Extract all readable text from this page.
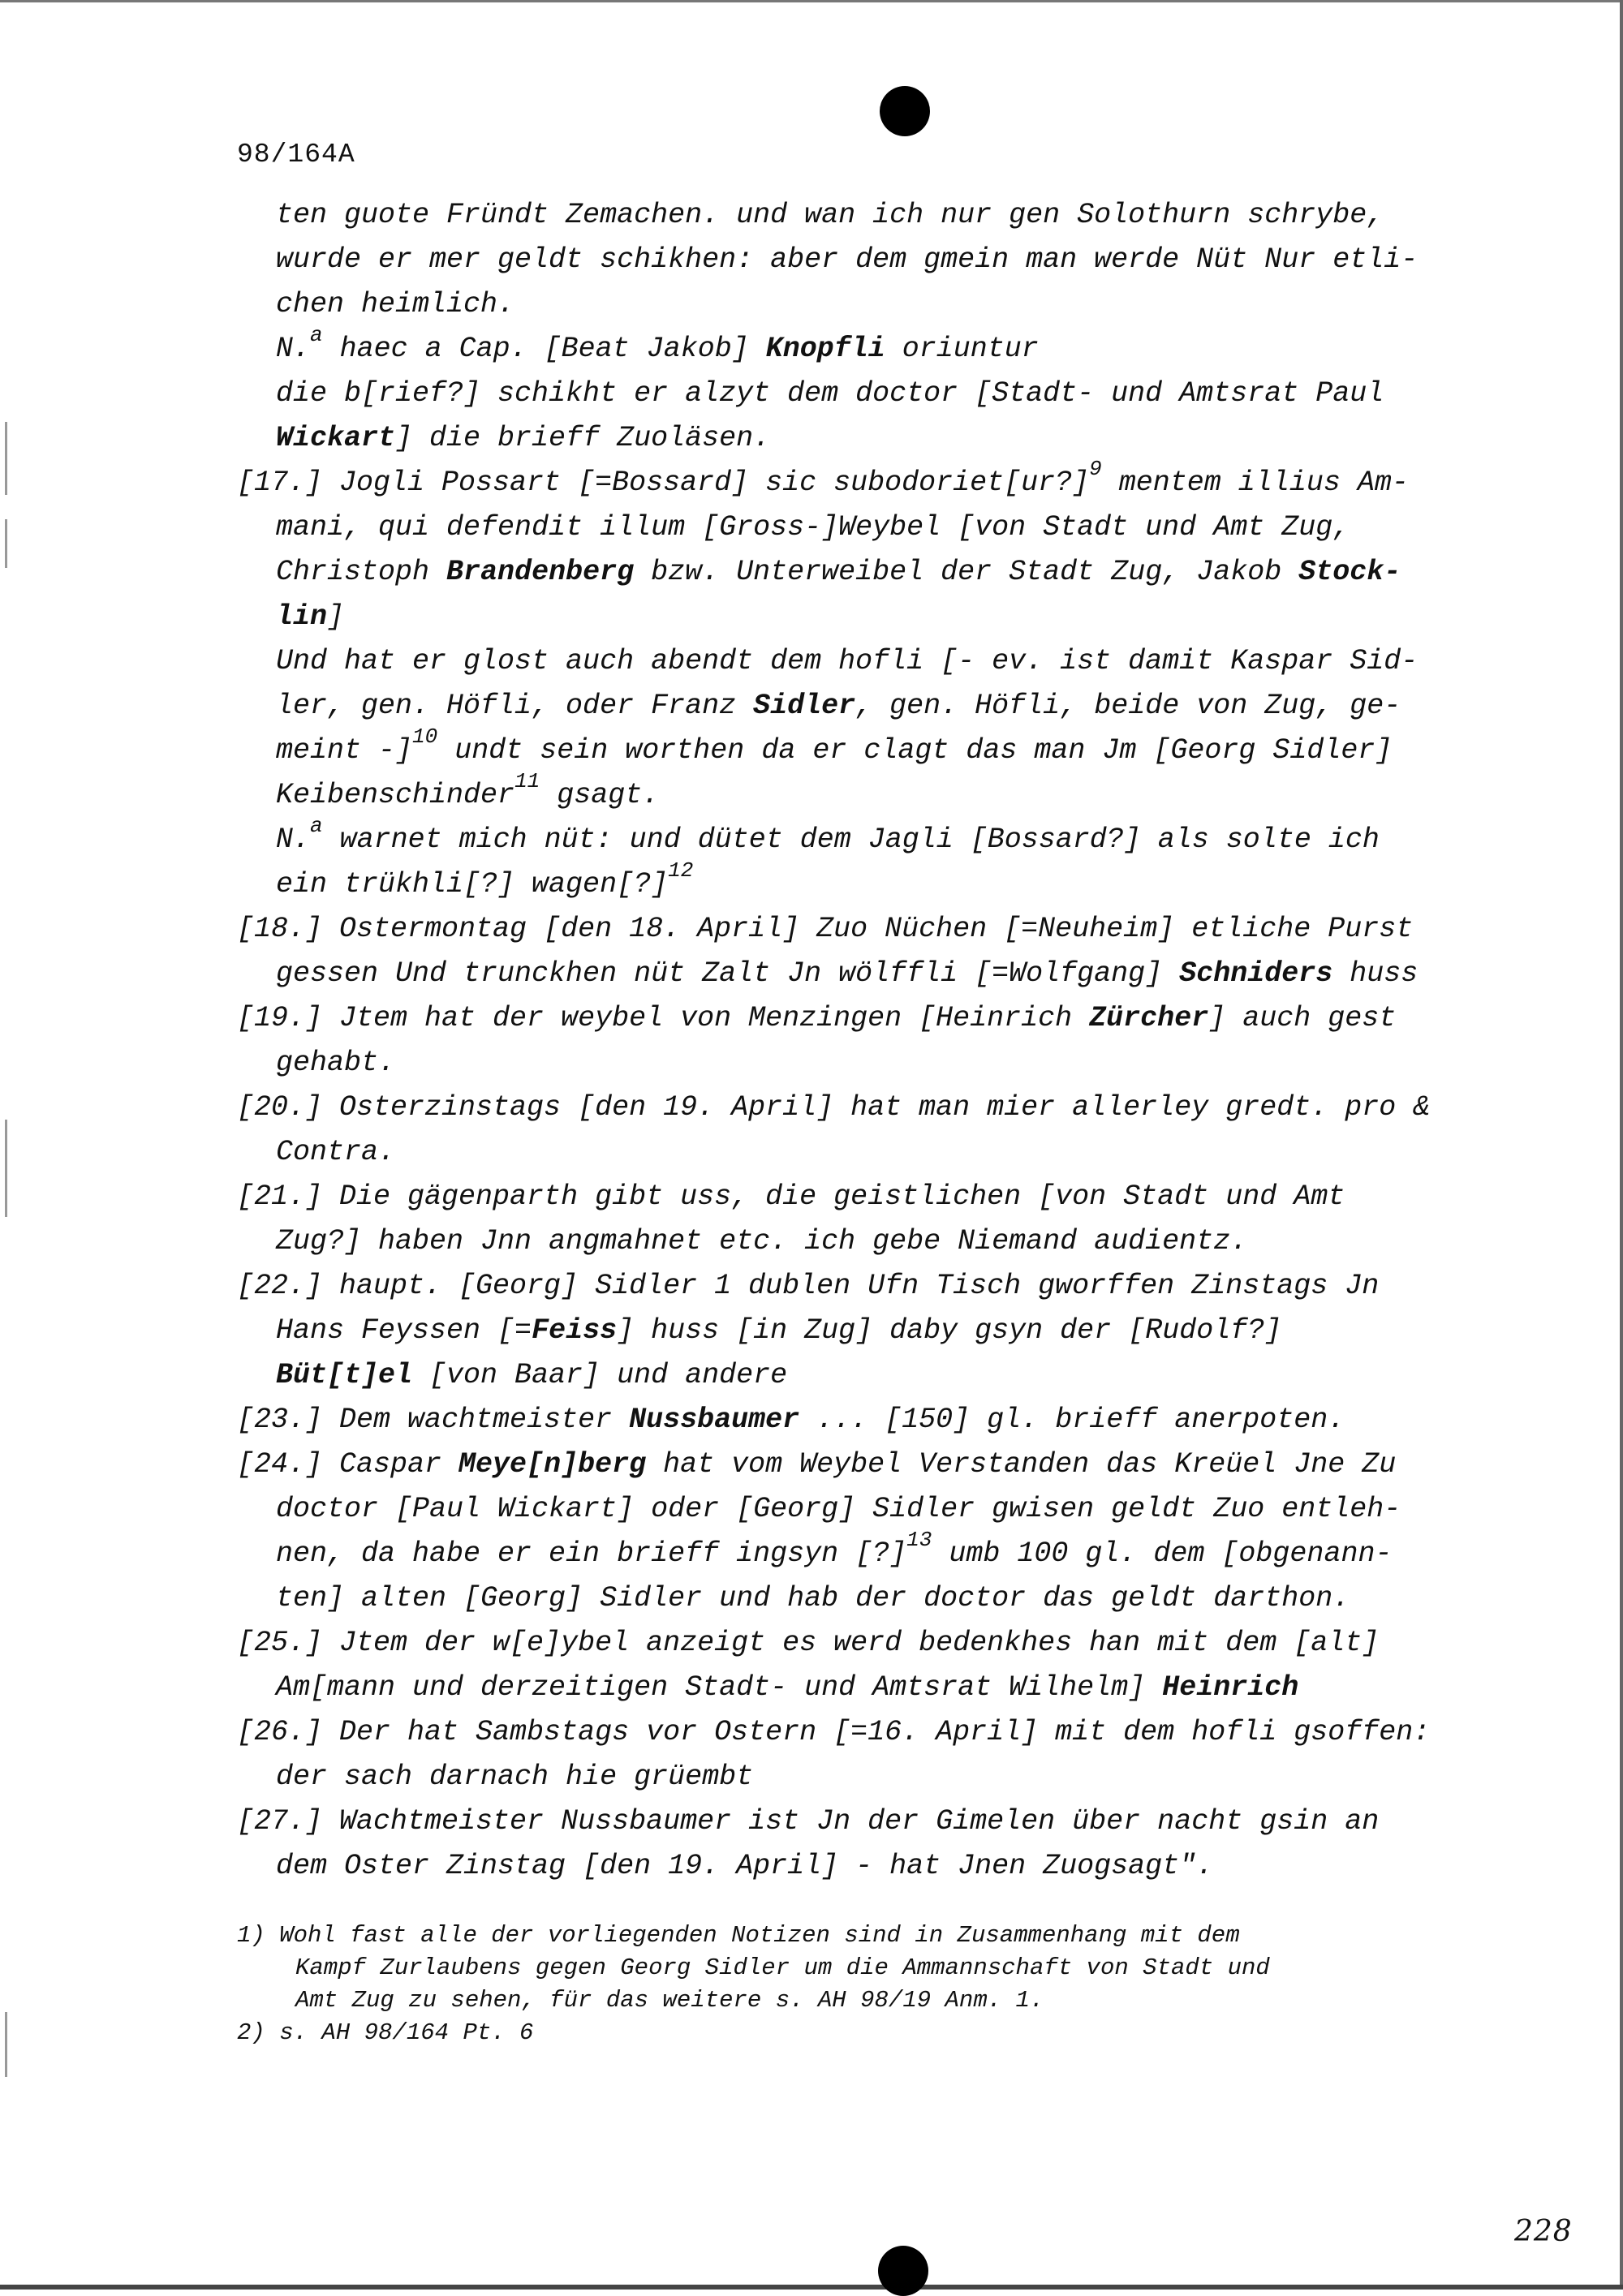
98/164A
ten guote Fründt Zemachen. und wan ich nur gen Solothurn schrybe,
wurde er mer geldt schikhen: aber dem gmein man werde Nüt Nur etli-
chen heimlich.
N.$^a$ haec a Cap. [Beat Jakob] Knopfli oriuntur
die b[rief?] schikht er alzyt dem doctor [Stadt- und Amtsrat Paul
Wickart] die brieff Zuoläsen.
[17.] Jogli Possart [=Bossard] sic subodoriet[ur?]$^9$ mentem illius Am-
mani, qui defendit illum [Gross-]Weybel [von Stadt und Amt Zug,
Christoph Brandenberg bzw. Unterweibel der Stadt Zug, Jakob Stock-
lin]
Und hat er glost auch abendt dem hofli [- ev. ist damit Kaspar Sid-
ler, gen. Höfli, oder Franz Sidler, gen. Höfli, beide von Zug, ge-
meint -]$^{10}$ undt sein worthen da er clagt das man Jm [Georg Sidler]
Keibenschinder$^{11}$ gsagt.
N.$^a$ warnet mich nüt: und dütet dem Jagli [Bossard?] als solte ich
ein trükhli[?] wagen[?]$^{12}$
[18.] Ostermontag [den 18. April] Zuo Nüchen [=Neuheim] etliche Purst
gessen Und trunckhen nüt Zalt Jn wölffli [=Wolfgang] Schniders huss
[19.] Jtem hat der weybel von Menzingen [Heinrich Zürcher] auch gest
gehabt.
[20.] Osterzinstags [den 19. April] hat man mier allerley gredt. pro &
Contra.
[21.] Die gägenparth gibt uss, die geistlichen [von Stadt und Amt
Zug?] haben Jnn angmahnet etc. ich gebe Niemand audientz.
[22.] haupt. [Georg] Sidler 1 dublen Ufn Tisch gworffen Zinstags Jn
Hans Feyssen [=Feiss] huss [in Zug] daby gsyn der [Rudolf?]
Büt[t]el [von Baar] und andere
[23.] Dem wachtmeister Nussbaumer ... [150] gl. brieff anerpoten.
[24.] Caspar Meye[n]berg hat vom Weybel Verstanden das Kreüel Jne Zu
doctor [Paul Wickart] oder [Georg] Sidler gwisen geldt Zuo entleh-
nen, da habe er ein brieff ingsyn [?]$^{13}$ umb 100 gl. dem [obgenann-
ten] alten [Georg] Sidler und hab der doctor das geldt darthon.
[25.] Jtem der w[e]ybel anzeigt es werd bedenkhes han mit dem [alt]
Am[mann und derzeitigen Stadt- und Amtsrat Wilhelm] Heinrich
[26.] Der hat Sambstags vor Ostern [=16. April] mit dem hofli gsoffen:
der sach darnach hie grüembt
[27.] Wachtmeister Nussbaumer ist Jn der Gimelen über nacht gsin an
dem Oster Zinstag [den 19. April] - hat Jnen Zuogsagt".
1) Wohl fast alle der vorliegenden Notizen sind in Zusammenhang mit dem
Kampf Zurlaubens gegen Georg Sidler um die Ammannschaft von Stadt und
Amt Zug zu sehen, für das weitere s. AH 98/19 Anm. 1.
2) s. AH 98/164 Pt. 6
228
